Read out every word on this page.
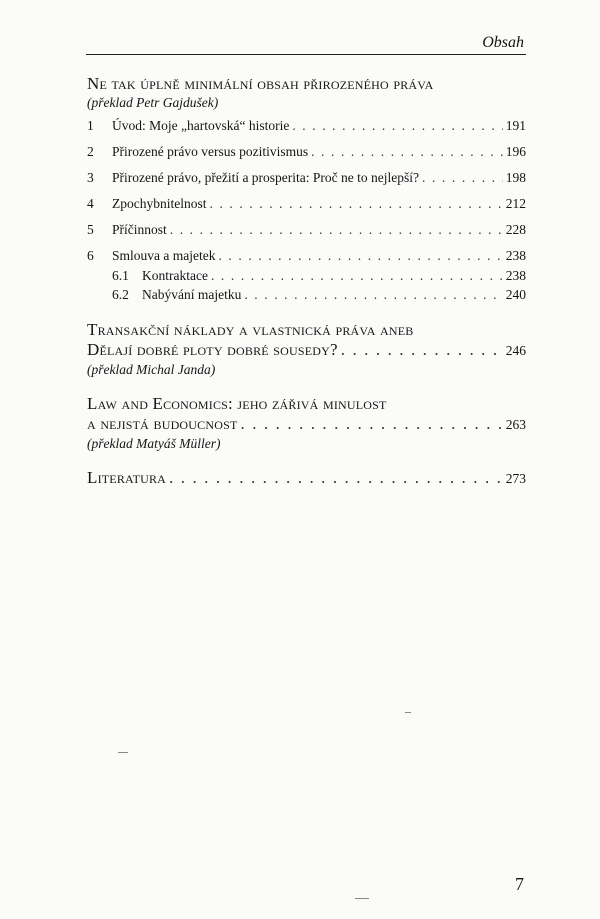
Obsah
Ne tak úplně minimální obsah přirozeného práva
(překlad Petr Gajdušek)
1	Úvod: Moje „hartovská“ historie . . .	191
2	Přirozené právo versus pozitivismus . . .	196
3	Přirozené právo, přežití a prosperita: Proč ne to nejlepší? . . .	198
4	Zpochybnitelnost . . .	212
5	Příčinnost . . .	228
6	Smlouva a majetek . . .	238
6.1 Kontraktace . . .	238
6.2 Nabývání majetku . . .	240
Transakční náklady a vlastnická práva aneb
Dělají dobré ploty dobré sousedy? . . .	246
(překlad Michal Janda)
Law and Economics: jeho zářivá minulost
a nejistá budoucnost . . .	263
(překlad Matyáš Müller)
Literatura . . .	273
7
